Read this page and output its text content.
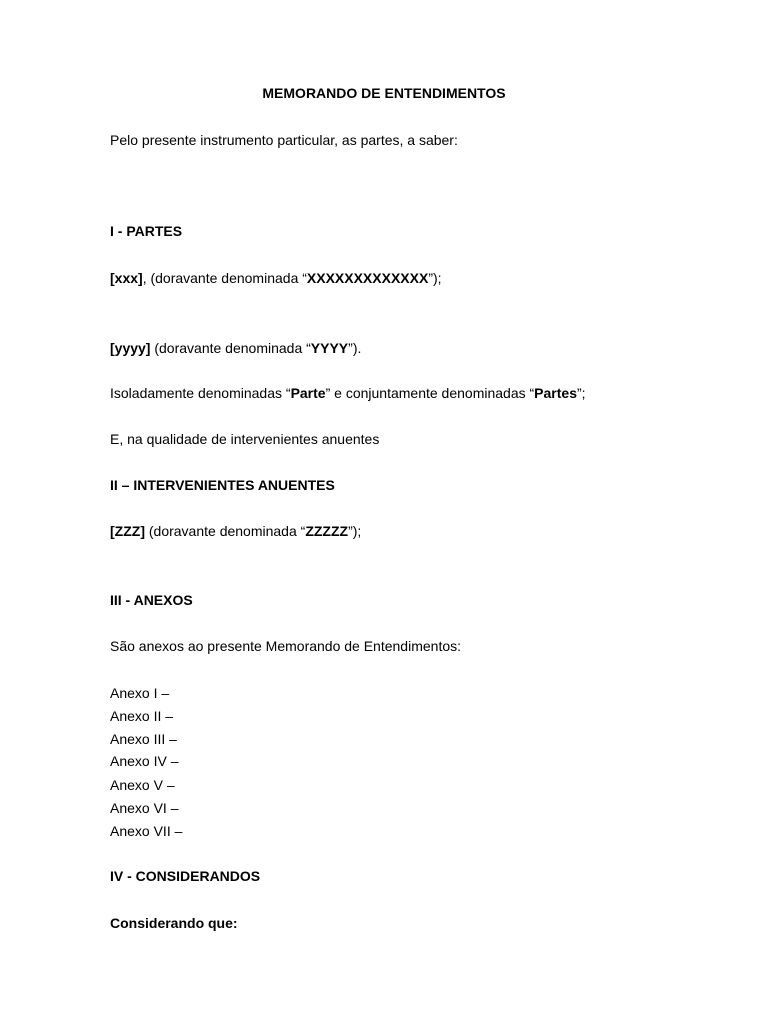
MEMORANDO DE ENTENDIMENTOS
Pelo presente instrumento particular, as partes, a saber:
I - PARTES
[xxx], (doravante denominada “XXXXXXXXXXXXX”);
[yyyy] (doravante denominada “YYYY”).
Isoladamente denominadas “Parte” e conjuntamente denominadas “Partes”;
E, na qualidade de intervenientes anuentes
II – INTERVENIENTES ANUENTES
[ZZZ] (doravante denominada “ZZZZZ”);
III - ANEXOS
São anexos ao presente Memorando de Entendimentos:
Anexo I –
Anexo II –
Anexo III –
Anexo IV –
Anexo V –
Anexo VI –
Anexo VII –
IV - CONSIDERANDOS
Considerando que:
